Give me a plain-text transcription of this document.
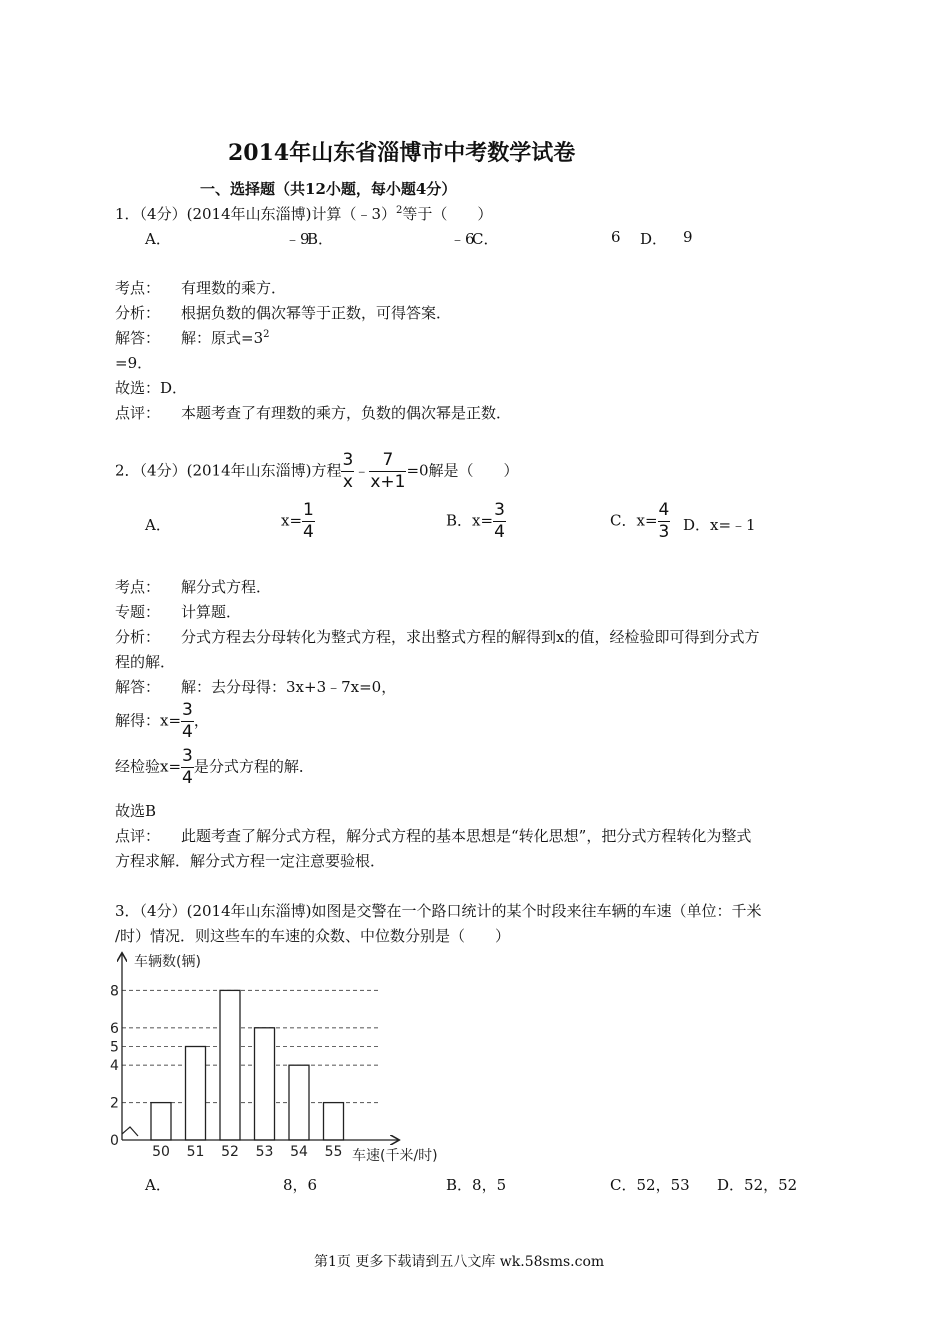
2014年山东省淄博市中考数学试卷
一、选择题（共12小题，每小题4分）
1．（4分）(2014年山东淄博)计算（﹣3）$^2$等于（　　）
A．	﹣9
B．	﹣6
C．	6 D． 9
考点： 有理数的乘方．
分析： 根据负数的偶次幂等于正数，可得答案．
解答： 解：原式$=3^2$
=9．
故选：D．
点评： 本题考查了有理数的乘方，负数的偶次幂是正数．
2．（4分）(2014年山东淄博)方程 $\frac{3}{x}$ ﹣ $\frac{7}{x+1} =0$解是（　　）
A．	$x= \frac{1}{4}$	B．$x= \frac{3}{4}$	C．$x= \frac{4}{3}$ D．x=﹣1
考点： 解分式方程．
专题： 计算题．
分析： 分式方程去分母转化为整式方程，求出整式方程的解得到x的值，经检验即可得到分式方
程的解．
解答： 解：去分母得：3x+3﹣7x=0，
解得：$x= \frac{3}{4}$ ，
经检验$x= \frac{3}{4}$ 是分式方程的解．
故选B
点评： 此题考查了解分式方程，解分式方程的基本思想是“转化思想”，把分式方程转化为整式
方程求解．解分式方程一定注意要验根．
3．（4分）(2014年山东淄博)如图是交警在一个路口统计的某个时段来往车辆的车速（单位：千米
/时）情况．则这些车的车速的众数、中位数分别是（　　）
0
2
4
5
6
8
50 51 52 53 54 55
车辆数(辆)
车速(千米/时)
A．	8，6	B．8，5	C．52，53 D．52，52
第1页 更多下载请到五八文库 wk.58sms.com
